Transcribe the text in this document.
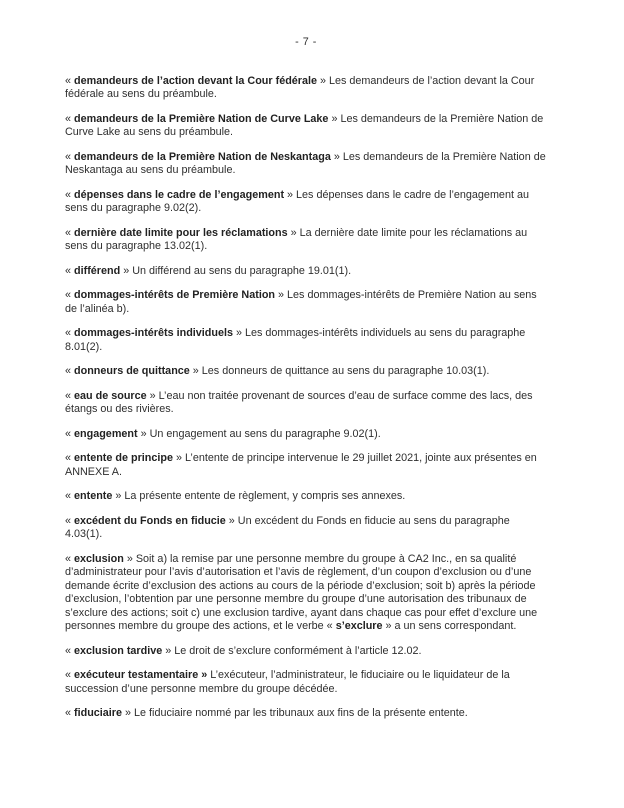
- 7 -

« demandeurs de l’action devant la Cour fédérale » Les demandeurs de l’action devant la Cour fédérale au sens du préambule.

« demandeurs de la Première Nation de Curve Lake » Les demandeurs de la Première Nation de Curve Lake au sens du préambule.

« demandeurs de la Première Nation de Neskantaga » Les demandeurs de la Première Nation de Neskantaga au sens du préambule.

« dépenses dans le cadre de l’engagement » Les dépenses dans le cadre de l’engagement au sens du paragraphe 9.02(2).

« dernière date limite pour les réclamations » La dernière date limite pour les réclamations au sens du paragraphe 13.02(1).

« différend » Un différend au sens du paragraphe 19.01(1).

« dommages-intérêts de Première Nation » Les dommages-intérêts de Première Nation au sens de l’alinéa b).

« dommages-intérêts individuels » Les dommages-intérêts individuels au sens du paragraphe 8.01(2).

« donneurs de quittance » Les donneurs de quittance au sens du paragraphe 10.03(1).

« eau de source » L’eau non traitée provenant de sources d’eau de surface comme des lacs, des étangs ou des rivières.

« engagement » Un engagement au sens du paragraphe 9.02(1).

« entente de principe » L’entente de principe intervenue le 29 juillet 2021, jointe aux présentes en ANNEXE A.

« entente » La présente entente de règlement, y compris ses annexes.

« excédent du Fonds en fiducie » Un excédent du Fonds en fiducie au sens du paragraphe 4.03(1).

« exclusion » Soit a) la remise par une personne membre du groupe à CA2 Inc., en sa qualité d’administrateur pour l’avis d’autorisation et l’avis de règlement, d’un coupon d’exclusion ou d’une demande écrite d’exclusion des actions au cours de la période d’exclusion; soit b) après la période d’exclusion, l’obtention par une personne membre du groupe d’une autorisation des tribunaux de s’exclure des actions; soit c) une exclusion tardive, ayant dans chaque cas pour effet d’exclure une personnes membre du groupe des actions, et le verbe « s’exclure » a un sens correspondant.

« exclusion tardive » Le droit de s’exclure conformément à l’article 12.02.

« exécuteur testamentaire » L’exécuteur, l’administrateur, le fiduciaire ou le liquidateur de la succession d’une personne membre du groupe décédée.

« fiduciaire » Le fiduciaire nommé par les tribunaux aux fins de la présente entente.
